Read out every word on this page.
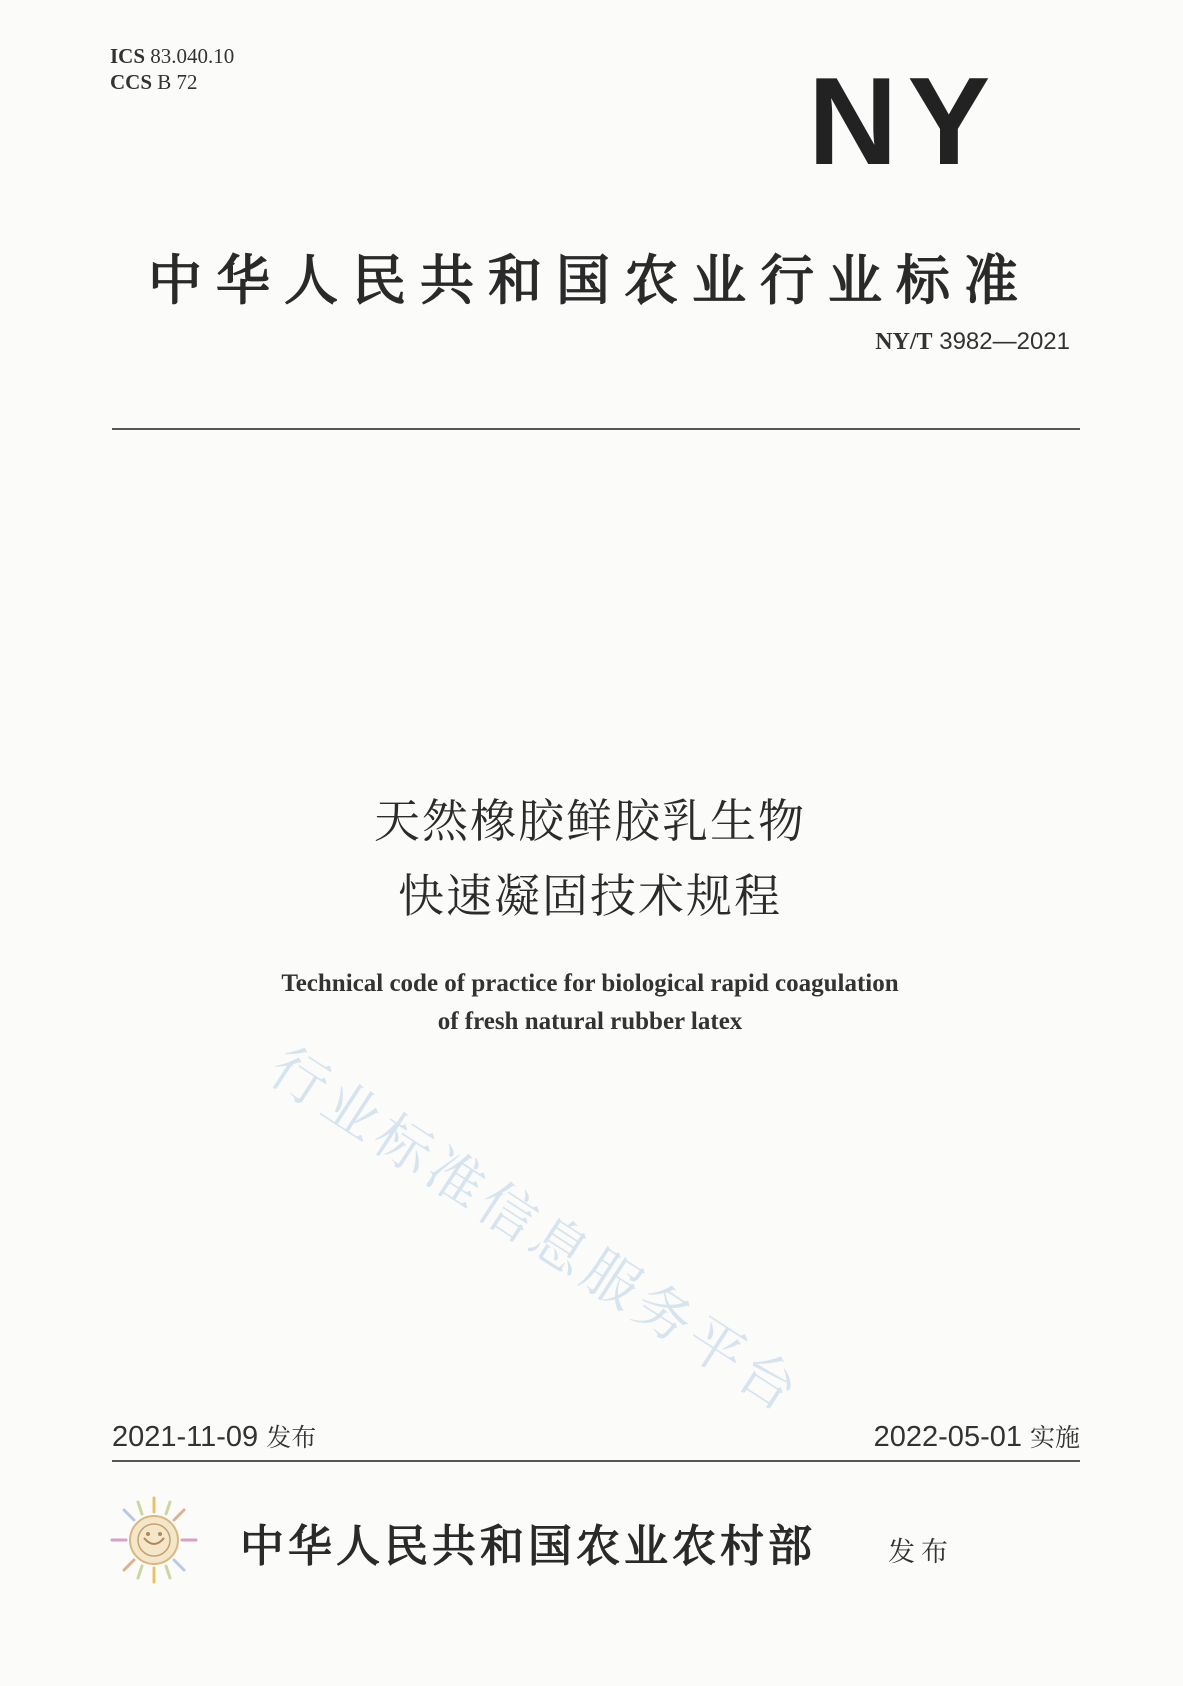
ICS 83.040.10
CCS B 72	NY
中华人民共和国农业行业标准
NY/T 3982—2021
天然橡胶鲜胶乳生物
快速凝固技术规程
Technical code of practice for biological rapid coagulation
of fresh natural rubber latex
行业标准信息服务平台
2021-11-09 发布	2022-05-01 实施
中华人民共和国农业农村部	发布
